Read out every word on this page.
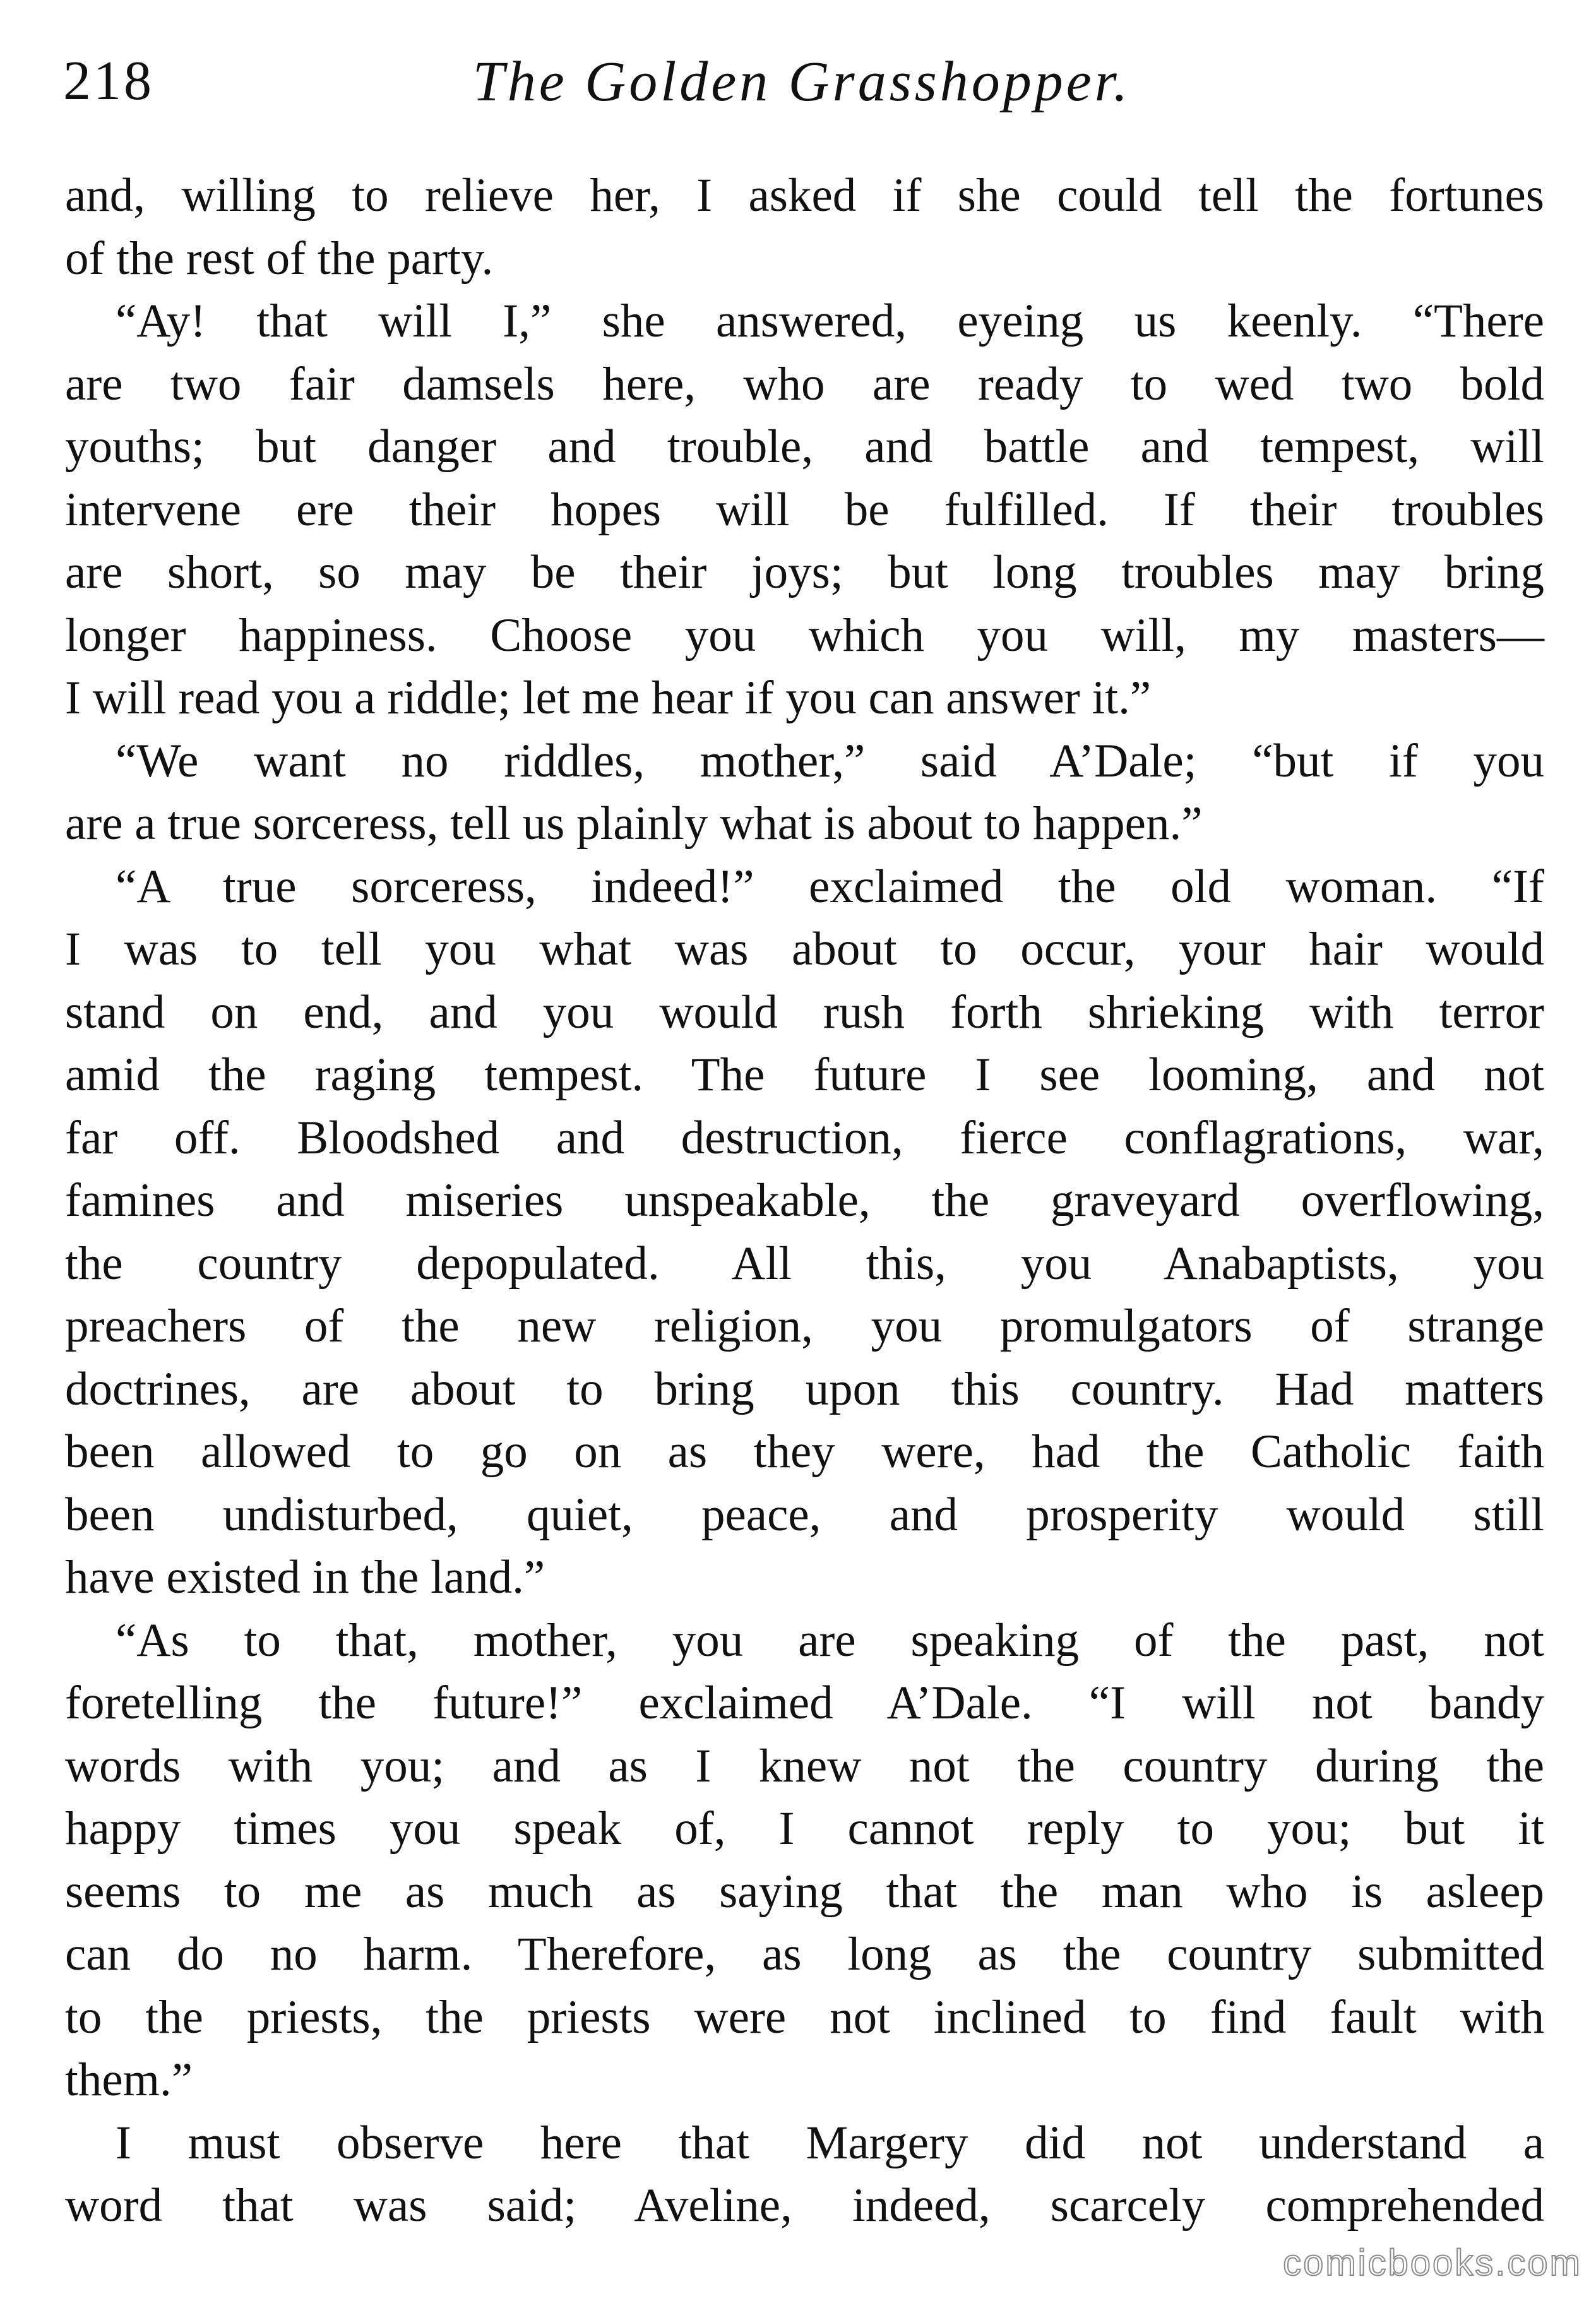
218	The Golden Grasshopper.
and, willing to relieve her, I asked if she could tell the fortunes
of the rest of the party.
“Ay! that will I,” she answered, eyeing us keenly. “There
are two fair damsels here, who are ready to wed two bold
youths; but danger and trouble, and battle and tempest, will
intervene ere their hopes will be fulfilled. If their troubles
are short, so may be their joys; but long troubles may bring
longer happiness. Choose you which you will, my masters—
I will read you a riddle; let me hear if you can answer it.”
“We want no riddles, mother,” said A’Dale; “but if you
are a true sorceress, tell us plainly what is about to happen.”
“A true sorceress, indeed!” exclaimed the old woman. “If
I was to tell you what was about to occur, your hair would
stand on end, and you would rush forth shrieking with terror
amid the raging tempest. The future I see looming, and not
far off. Bloodshed and destruction, fierce conflagrations, war,
famines and miseries unspeakable, the graveyard overflowing,
the country depopulated. All this, you Anabaptists, you
preachers of the new religion, you promulgators of strange
doctrines, are about to bring upon this country. Had matters
been allowed to go on as they were, had the Catholic faith
been undisturbed, quiet, peace, and prosperity would still
have existed in the land.”
“As to that, mother, you are speaking of the past, not
foretelling the future!” exclaimed A’Dale. “I will not bandy
words with you; and as I knew not the country during the
happy times you speak of, I cannot reply to you; but it
seems to me as much as saying that the man who is asleep
can do no harm. Therefore, as long as the country submitted
to the priests, the priests were not inclined to find fault with
them.”
I must observe here that Margery did not understand a
word that was said; Aveline, indeed, scarcely comprehended
comicbooks.com
